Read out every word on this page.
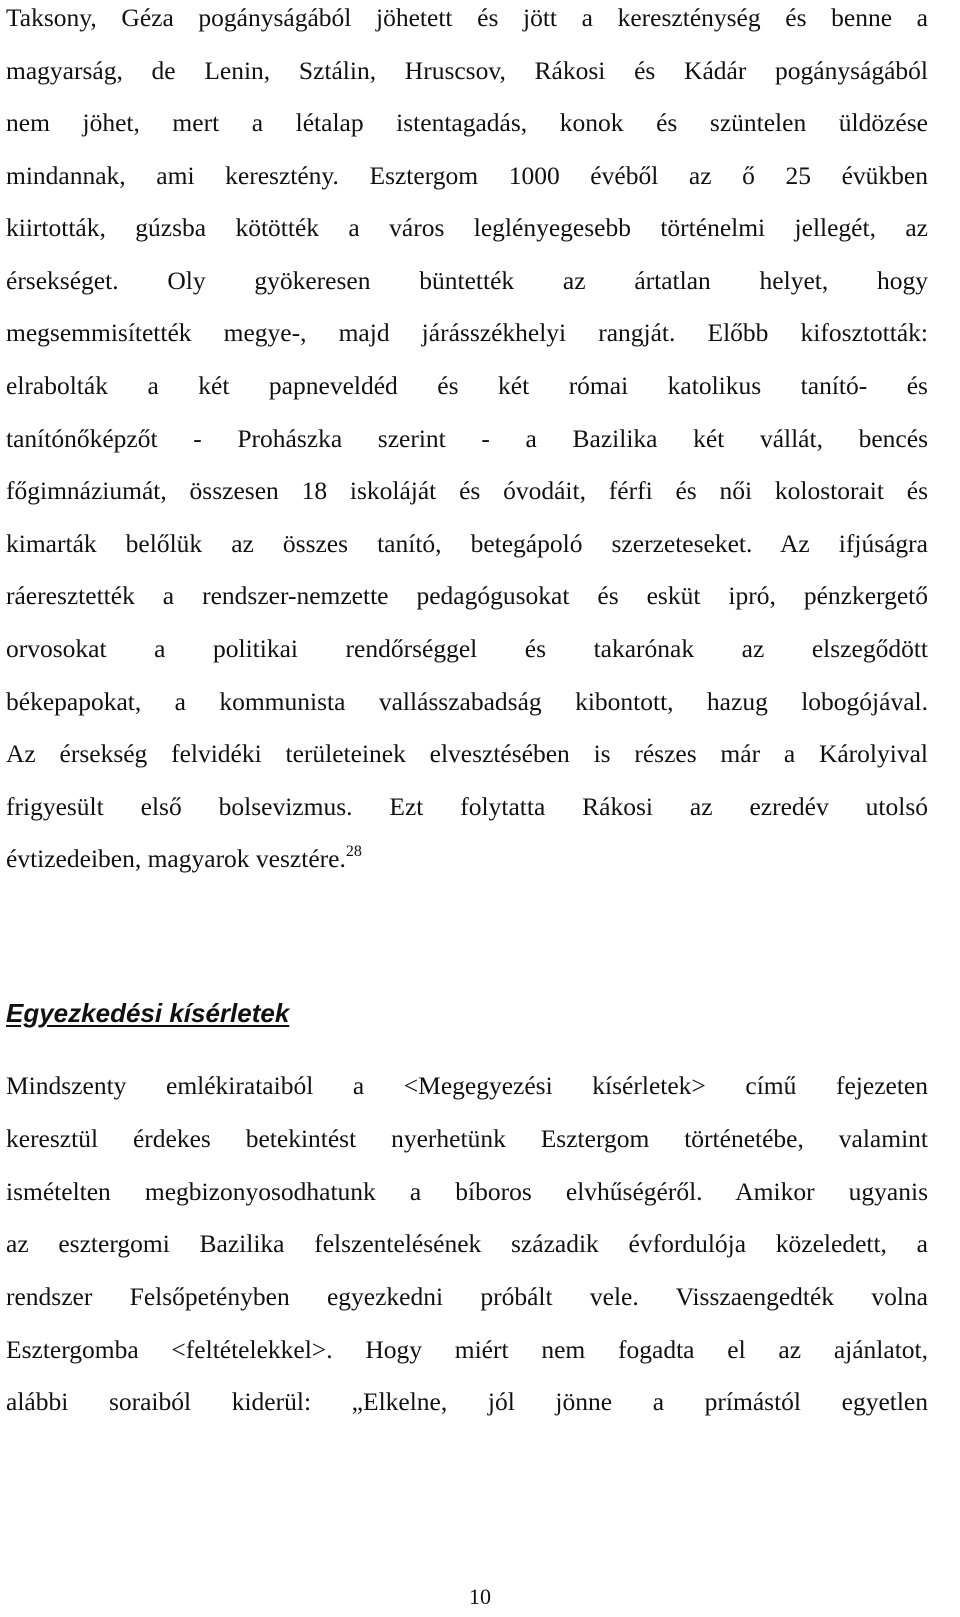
Taksony, Géza pogányságából jöhetett és jött a kereszténység és benne a
magyarság, de Lenin, Sztálin, Hruscsov, Rákosi és Kádár pogányságából
nem jöhet, mert a létalap istentagadás, konok és szüntelen üldözése
mindannak, ami keresztény. Esztergom 1000 évéből az ő 25 évükben
kiirtották, gúzsba kötötték a város leglényegesebb történelmi jellegét, az
érsekséget. Oly gyökeresen büntették az ártatlan helyet, hogy
megsemmisítették megye-, majd járásszékhelyi rangját. Előbb kifosztották:
elrabolták a két papneveldéd és két római katolikus tanító- és
tanítónőképzőt - Prohászka szerint - a Bazilika két vállát, bencés
főgimnáziumát, összesen 18 iskoláját és óvodáit, férfi és női kolostorait és
kimarták belőlük az összes tanító, betegápoló szerzeteseket. Az ifjúságra
ráeresztették a rendszer-nemzette pedagógusokat és esküt ipró, pénzkergető
orvosokat a politikai rendőrséggel és takarónak az elszegődött
békepapokat, a kommunista vallásszabadság kibontott, hazug lobogójával.
Az érsekség felvidéki területeinek elvesztésében is részes már a Károlyival
frigyesült első bolsevizmus. Ezt folytatta Rákosi az ezredév utolsó
évtizedeiben, magyarok vesztére.$^{28}$
Egyezkedési kísérletek
Mindszenty emlékirataiból a <Megegyezési kísérletek> című fejezeten
keresztül érdekes betekintést nyerhetünk Esztergom történetébe, valamint
ismételten megbizonyosodhatunk a bíboros elvhűségéről. Amikor ugyanis
az esztergomi Bazilika felszentelésének századik évfordulója közeledett, a
rendszer Felsőpetényben egyezkedni próbált vele. Visszaengedték volna
Esztergomba <feltételekkel>. Hogy miért nem fogadta el az ajánlatot,
alábbi soraiból kiderül: „Elkelne, jól jönne a prímástól egyetlen
10
